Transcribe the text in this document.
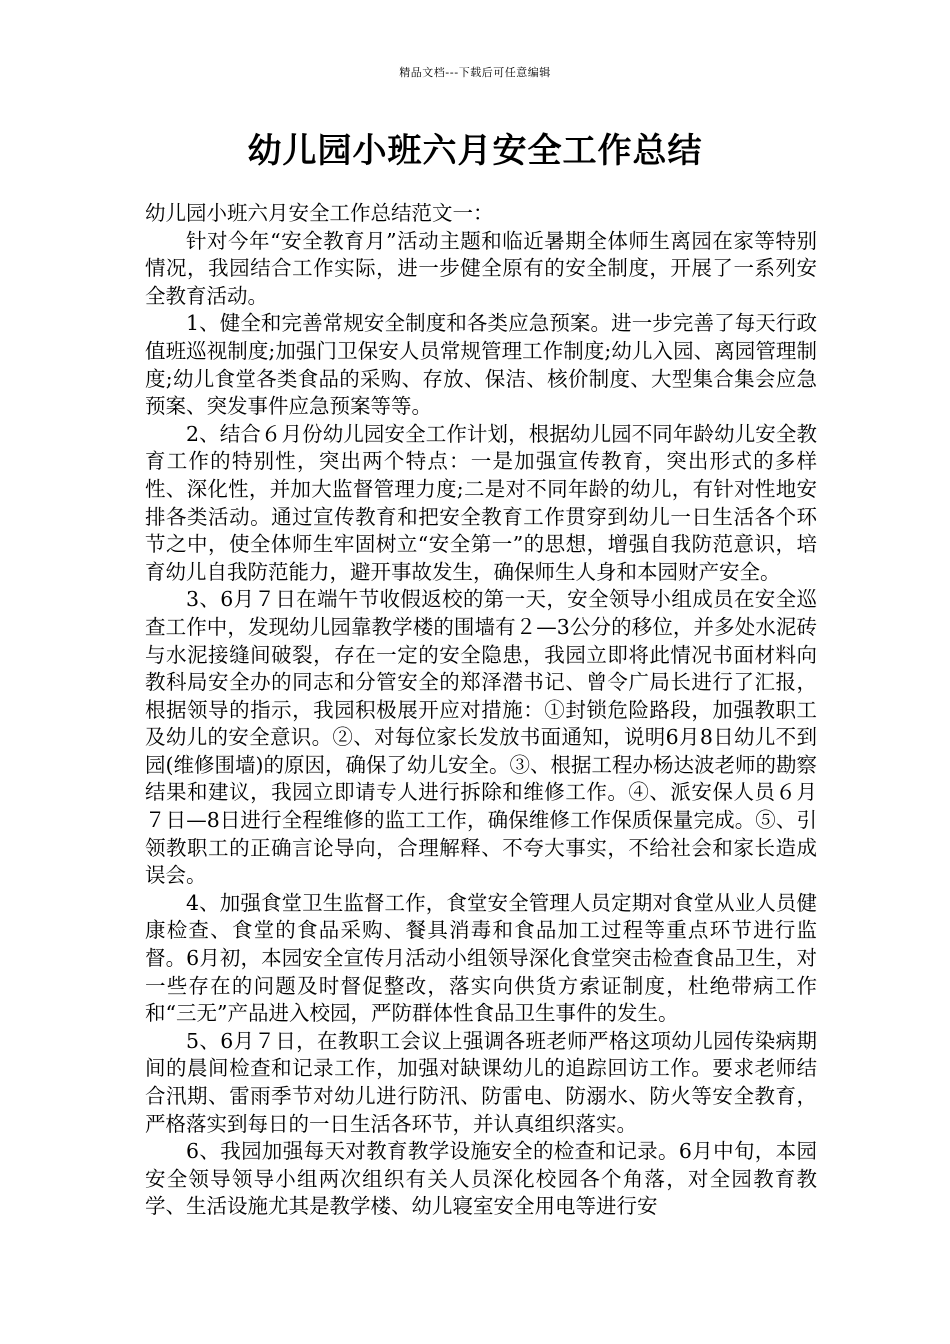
精品文档---下载后可任意编辑
幼儿园小班六月安全工作总结

幼儿园小班六月安全工作总结范文一：

针对今年“安全教育月”活动主题和临近暑期全体师生离园在家等特别情况，我园结合工作实际，进一步健全原有的安全制度，开展了一系列安全教育活动。

1、健全和完善常规安全制度和各类应急预案。进一步完善了每天行政值班巡视制度;加强门卫保安人员常规管理工作制度;幼儿入园、离园管理制度;幼儿食堂各类食品的采购、存放、保洁、核价制度、大型集合集会应急预案、突发事件应急预案等等。

2、结合６月份幼儿园安全工作计划，根据幼儿园不同年龄幼儿安全教育工作的特别性，突出两个特点：一是加强宣传教育，突出形式的多样性、深化性，并加大监督管理力度;二是对不同年龄的幼儿，有针对性地安排各类活动。通过宣传教育和把安全教育工作贯穿到幼儿一日生活各个环节之中，使全体师生牢固树立“安全第一”的思想，增强自我防范意识，培育幼儿自我防范能力，避开事故发生，确保师生人身和本园财产安全。

3、6月７日在端午节收假返校的第一天，安全领导小组成员在安全巡查工作中，发现幼儿园靠教学楼的围墙有２—3公分的移位，并多处水泥砖与水泥接缝间破裂，存在一定的安全隐患，我园立即将此情况书面材料向教科局安全办的同志和分管安全的郑泽潜书记、曾令广局长进行了汇报，根据领导的指示，我园积极展开应对措施：①封锁危险路段，加强教职工及幼儿的安全意识。②、对每位家长发放书面通知，说明6月8日幼儿不到园(维修围墙)的原因，确保了幼儿安全。③、根据工程办杨达波老师的勘察结果和建议，我园立即请专人进行拆除和维修工作。④、派安保人员６月７日—8日进行全程维修的监工工作，确保维修工作保质保量完成。⑤、引领教职工的正确言论导向，合理解释、不夸大事实，不给社会和家长造成误会。

4、加强食堂卫生监督工作，食堂安全管理人员定期对食堂从业人员健康检查、食堂的食品采购、餐具消毒和食品加工过程等重点环节进行监督。6月初，本园安全宣传月活动小组领导深化食堂突击检查食品卫生，对一些存在的问题及时督促整改，落实向供货方索证制度，杜绝带病工作和“三无”产品进入校园，严防群体性食品卫生事件的发生。

5、6月７日，在教职工会议上强调各班老师严格这项幼儿园传染病期间的晨间检查和记录工作，加强对缺课幼儿的追踪回访工作。要求老师结合汛期、雷雨季节对幼儿进行防汛、防雷电、防溺水、防火等安全教育，严格落实到每日的一日生活各环节，并认真组织落实。

6、我园加强每天对教育教学设施安全的检查和记录。6月中旬，本园安全领导领导小组两次组织有关人员深化校园各个角落，对全园教育教学、生活设施尤其是教学楼、幼儿寝室安全用电等进行安
